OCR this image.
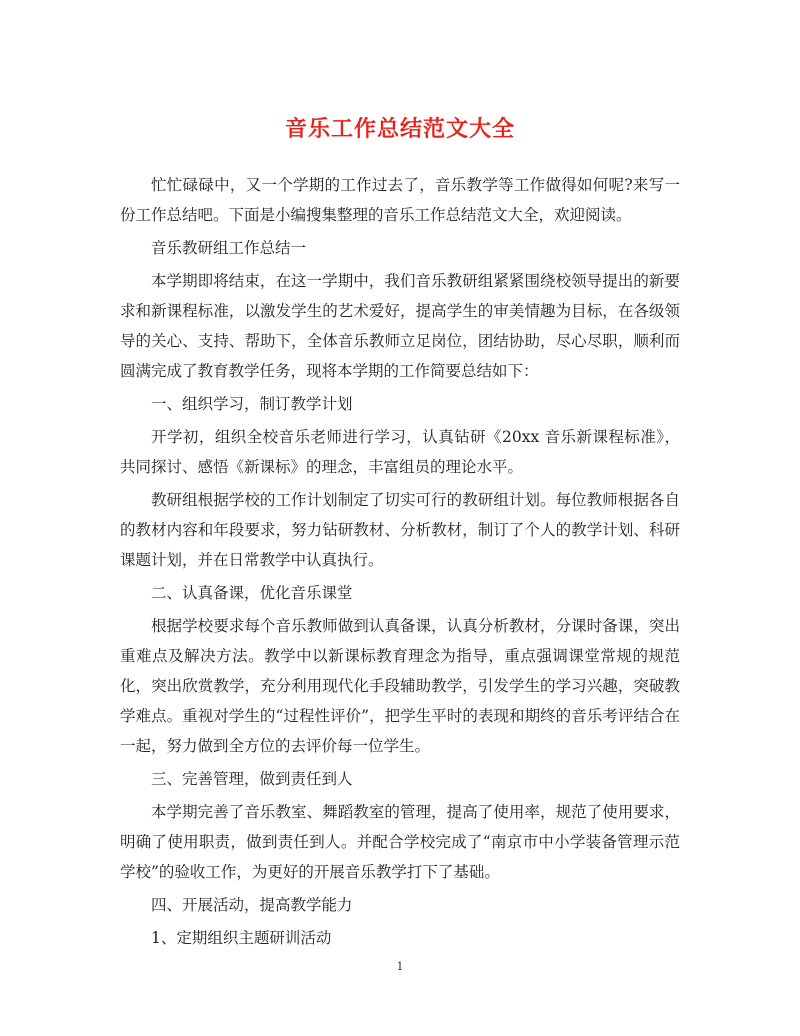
音乐工作总结范文大全

忙忙碌碌中，又一个学期的工作过去了，音乐教学等工作做得如何呢?来写一份工作总结吧。下面是小编搜集整理的音乐工作总结范文大全，欢迎阅读。

音乐教研组工作总结一

本学期即将结束，在这一学期中，我们音乐教研组紧紧围绕校领导提出的新要求和新课程标准，以激发学生的艺术爱好，提高学生的审美情趣为目标，在各级领导的关心、支持、帮助下，全体音乐教师立足岗位，团结协助，尽心尽职，顺利而圆满完成了教育教学任务，现将本学期的工作简要总结如下：

一、组织学习，制订教学计划

开学初，组织全校音乐老师进行学习，认真钻研《20xx 音乐新课程标准》，共同探讨、感悟《新课标》的理念，丰富组员的理论水平。

教研组根据学校的工作计划制定了切实可行的教研组计划。每位教师根据各自的教材内容和年段要求，努力钻研教材、分析教材，制订了个人的教学计划、科研课题计划，并在日常教学中认真执行。

二、认真备课，优化音乐课堂

根据学校要求每个音乐教师做到认真备课，认真分析教材，分课时备课，突出重难点及解决方法。教学中以新课标教育理念为指导，重点强调课堂常规的规范化，突出欣赏教学，充分利用现代化手段辅助教学，引发学生的学习兴趣，突破教学难点。重视对学生的“过程性评价”，把学生平时的表现和期终的音乐考评结合在一起，努力做到全方位的去评价每一位学生。

三、完善管理，做到责任到人

本学期完善了音乐教室、舞蹈教室的管理，提高了使用率，规范了使用要求，明确了使用职责，做到责任到人。并配合学校完成了“南京市中小学装备管理示范学校”的验收工作，为更好的开展音乐教学打下了基础。

四、开展活动，提高教学能力

1、定期组织主题研训活动

1
